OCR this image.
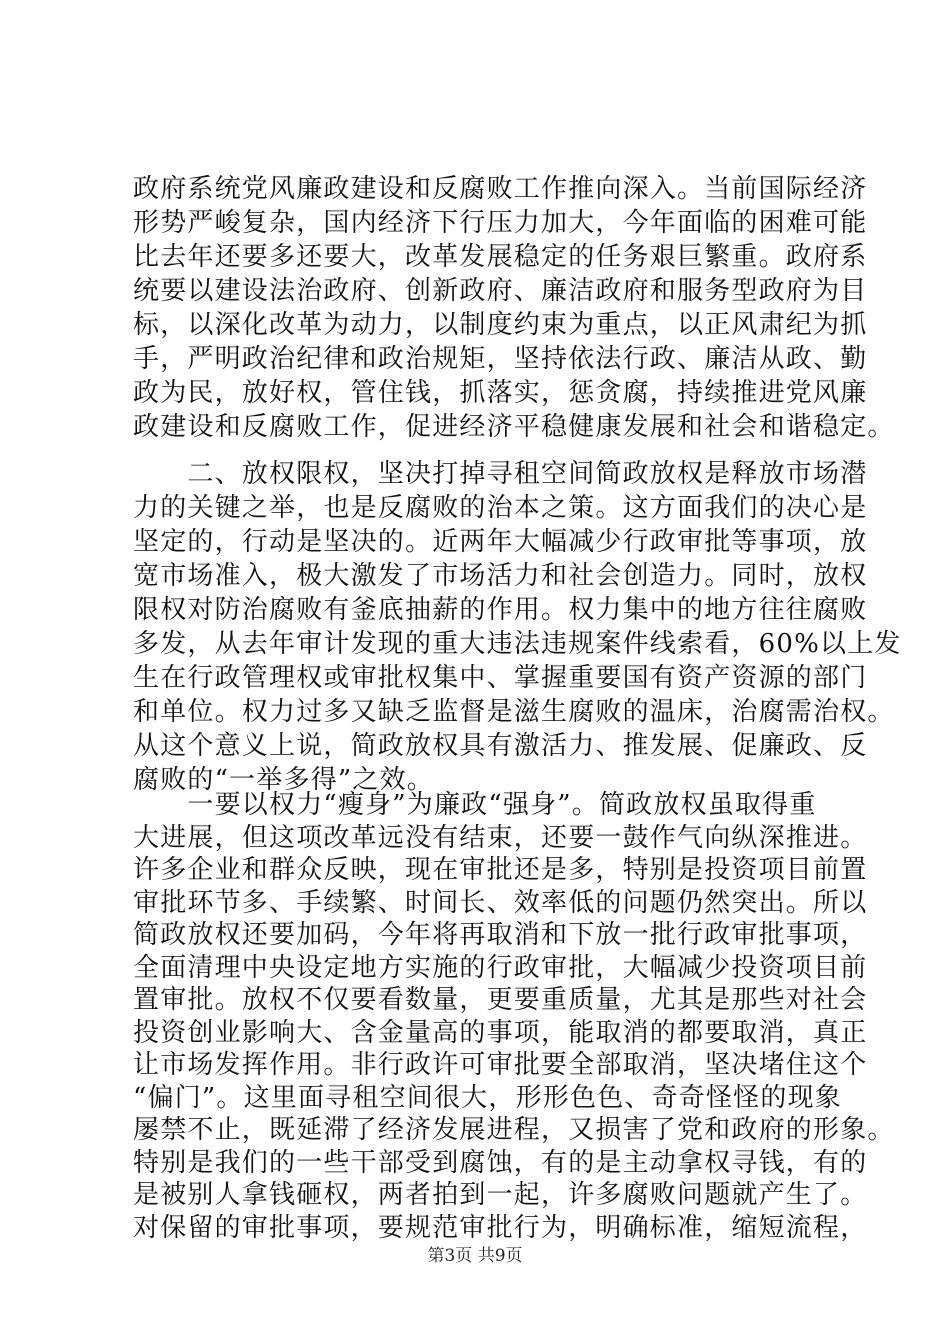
政府系统党风廉政建设和反腐败工作推向深入。当前国际经济
形势严峻复杂，国内经济下行压力加大，今年面临的困难可能
比去年还要多还要大，改革发展稳定的任务艰巨繁重。政府系
统要以建设法治政府、创新政府、廉洁政府和服务型政府为目
标，以深化改革为动力，以制度约束为重点，以正风肃纪为抓
手，严明政治纪律和政治规矩，坚持依法行政、廉洁从政、勤
政为民，放好权，管住钱，抓落实，惩贪腐，持续推进党风廉
政建设和反腐败工作，促进经济平稳健康发展和社会和谐稳定。
　　二、放权限权，坚决打掉寻租空间简政放权是释放市场潜
力的关键之举，也是反腐败的治本之策。这方面我们的决心是
坚定的，行动是坚决的。近两年大幅减少行政审批等事项，放
宽市场准入，极大激发了市场活力和社会创造力。同时，放权
限权对防治腐败有釜底抽薪的作用。权力集中的地方往往腐败
多发，从去年审计发现的重大违法违规案件线索看，60%以上发
生在行政管理权或审批权集中、掌握重要国有资产资源的部门
和单位。权力过多又缺乏监督是滋生腐败的温床，治腐需治权。
从这个意义上说，简政放权具有激活力、推发展、促廉政、反
腐败的“一举多得”之效。
　　一要以权力“瘦身”为廉政“强身”。简政放权虽取得重
大进展，但这项改革远没有结束，还要一鼓作气向纵深推进。
许多企业和群众反映，现在审批还是多，特别是投资项目前置
审批环节多、手续繁、时间长、效率低的问题仍然突出。所以
简政放权还要加码，今年将再取消和下放一批行政审批事项，
全面清理中央设定地方实施的行政审批，大幅减少投资项目前
置审批。放权不仅要看数量，更要重质量，尤其是那些对社会
投资创业影响大、含金量高的事项，能取消的都要取消，真正
让市场发挥作用。非行政许可审批要全部取消，坚决堵住这个
“偏门”。这里面寻租空间很大，形形色色、奇奇怪怪的现象
屡禁不止，既延滞了经济发展进程，又损害了党和政府的形象。
特别是我们的一些干部受到腐蚀，有的是主动拿权寻钱，有的
是被别人拿钱砸权，两者拍到一起，许多腐败问题就产生了。
第3页 共9页
对保留的审批事项，要规范审批行为，明确标准，缩短流程，
